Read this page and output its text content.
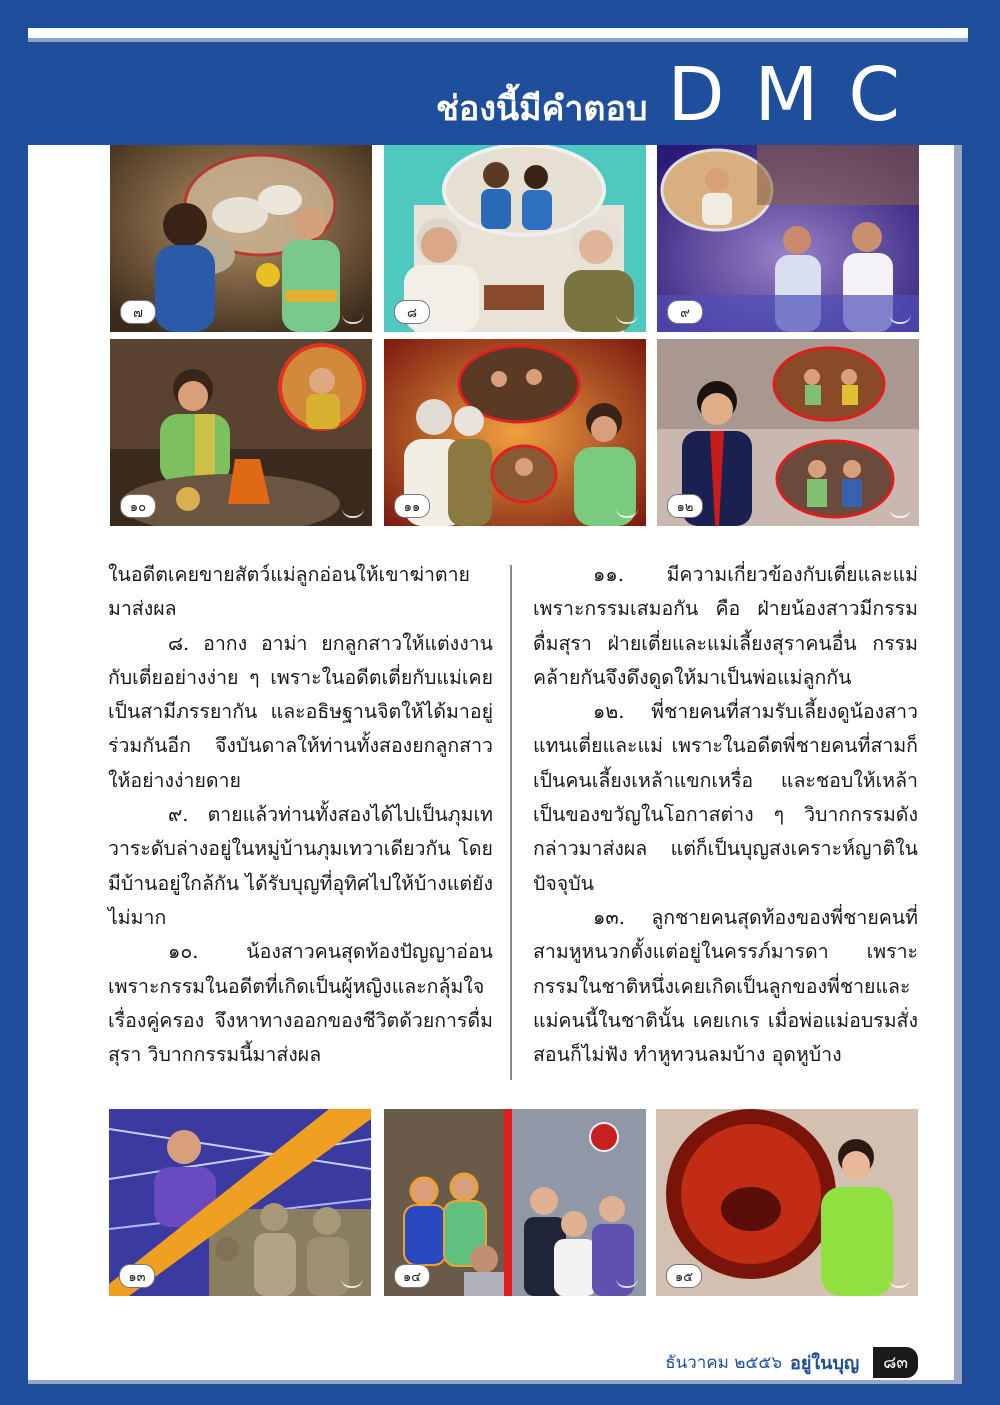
ช่องนี้มีคำตอบ DMC
๗	๘	๙
๑๐	๑๑	๑๒

ในอดีตเคยขายสัตว์แม่ลูกอ่อนให้เขาฆ่าตายมาส่งผล

๘. อากง อาม่า ยกลูกสาวให้แต่งงานกับเตี่ยอย่างง่าย ๆ เพราะในอดีตเตี่ยกับแม่เคยเป็นสามีภรรยากัน และอธิษฐานจิตให้ได้มาอยู่ร่วมกันอีก จึงบันดาลให้ท่านทั้งสองยกลูกสาวให้อย่างง่ายดาย

๙. ตายแล้วท่านทั้งสองได้ไปเป็นภุมเทวาระดับล่างอยู่ในหมู่บ้านภุมเทวาเดียวกัน โดยมีบ้านอยู่ใกล้กัน ได้รับบุญที่อุทิศไปให้บ้างแต่ยังไม่มาก

๑๐. น้องสาวคนสุดท้องปัญญาอ่อนเพราะกรรมในอดีตที่เกิดเป็นผู้หญิงและกลุ้มใจเรื่องคู่ครอง จึงหาทางออกของชีวิตด้วยการดื่มสุรา วิบากกรรมนี้มาส่งผล

๑๑. มีความเกี่ยวข้องกับเตี่ยและแม่ เพราะกรรมเสมอกัน คือ ฝ่ายน้องสาวมีกรรมดื่มสุรา ฝ่ายเตี่ยและแม่เลี้ยงสุราคนอื่น กรรมคล้ายกันจึงดึงดูดให้มาเป็นพ่อแม่ลูกกัน

๑๒. พี่ชายคนที่สามรับเลี้ยงดูน้องสาวแทนเตี่ยและแม่ เพราะในอดีตพี่ชายคนที่สามก็เป็นคนเลี้ยงเหล้าแขกเหรื่อ และชอบให้เหล้าเป็นของขวัญในโอกาสต่าง ๆ วิบากกรรมดังกล่าวมาส่งผล แต่ก็เป็นบุญสงเคราะห์ญาติในปัจจุบัน

๑๓. ลูกชายคนสุดท้องของพี่ชายคนที่สามหูหนวกตั้งแต่อยู่ในครรภ์มารดา เพราะกรรมในชาติหนึ่งเคยเกิดเป็นลูกของพี่ชายและแม่คนนี้ในชาตินั้น เคยเกเร เมื่อพ่อแม่อบรมสั่งสอนก็ไม่ฟัง ทำหูทวนลมบ้าง อุดหูบ้าง

๑๓	๑๔	๑๕
ธันวาคม ๒๕๕๖ อยู่ในบุญ	๘๓
